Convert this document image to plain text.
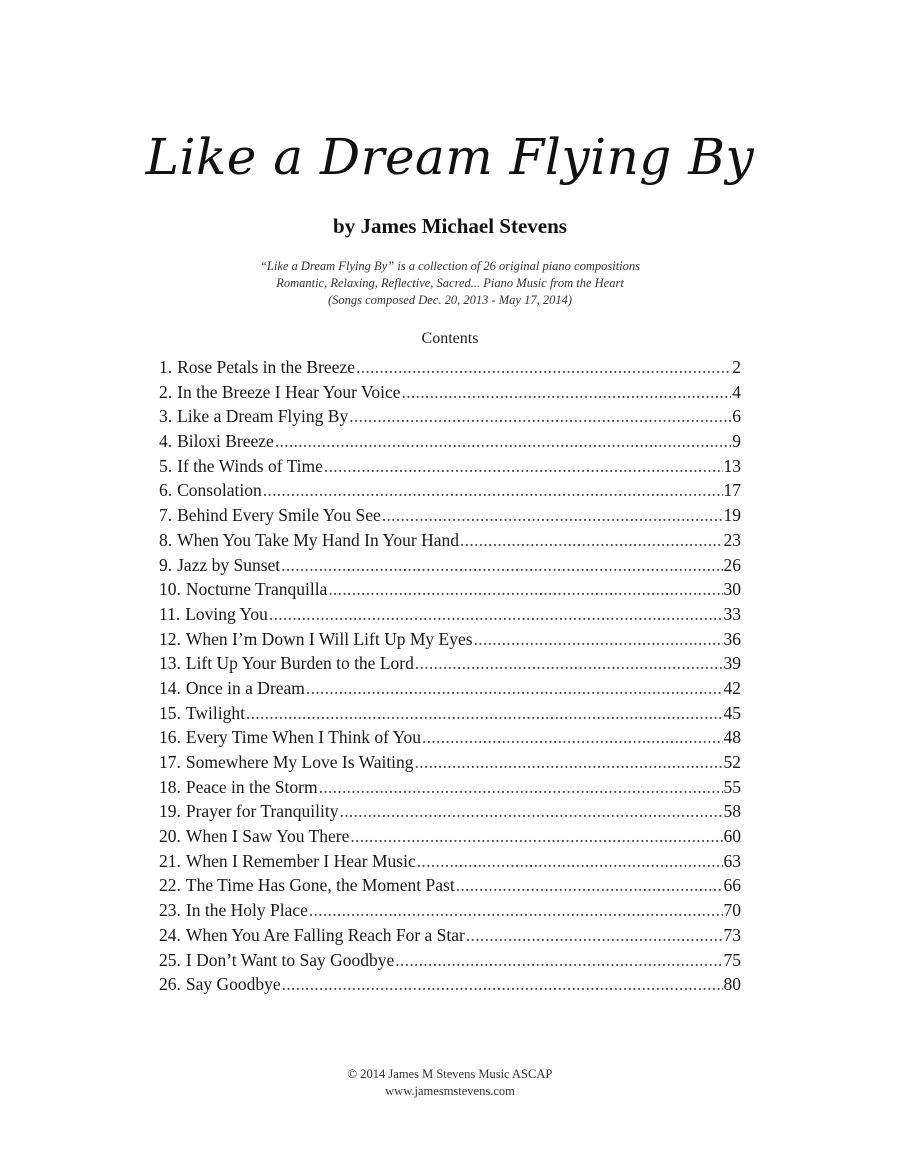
Like a Dream Flying By
by James Michael Stevens
“Like a Dream Flying By” is a collection of 26 original piano compositions
Romantic, Relaxing, Reflective, Sacred... Piano Music from the Heart
(Songs composed Dec. 20, 2013 - May 17, 2014)
Contents
1. Rose Petals in the Breeze .....	2
2. In the Breeze I Hear Your Voice .....	4
3. Like a Dream Flying By .....	6
4. Biloxi Breeze .....	9
5. If the Winds of Time .....	13
6. Consolation .....	17
7. Behind Every Smile You See .....	19
8. When You Take My Hand In Your Hand .....	23
9. Jazz by Sunset .....	26
10. Nocturne Tranquilla .....	30
11. Loving You .....	33
12. When I’m Down I Will Lift Up My Eyes .....	36
13. Lift Up Your Burden to the Lord .....	39
14. Once in a Dream .....	42
15. Twilight .....	45
16. Every Time When I Think of You .....	48
17. Somewhere My Love Is Waiting .....	52
18. Peace in the Storm .....	55
19. Prayer for Tranquility .....	58
20. When I Saw You There .....	60
21. When I Remember I Hear Music .....	63
22. The Time Has Gone, the Moment Past .....	66
23. In the Holy Place .....	70
24. When You Are Falling Reach For a Star .....	73
25. I Don’t Want to Say Goodbye .....	75
26. Say Goodbye .....	80
© 2014 James M Stevens Music ASCAP
www.jamesmstevens.com
